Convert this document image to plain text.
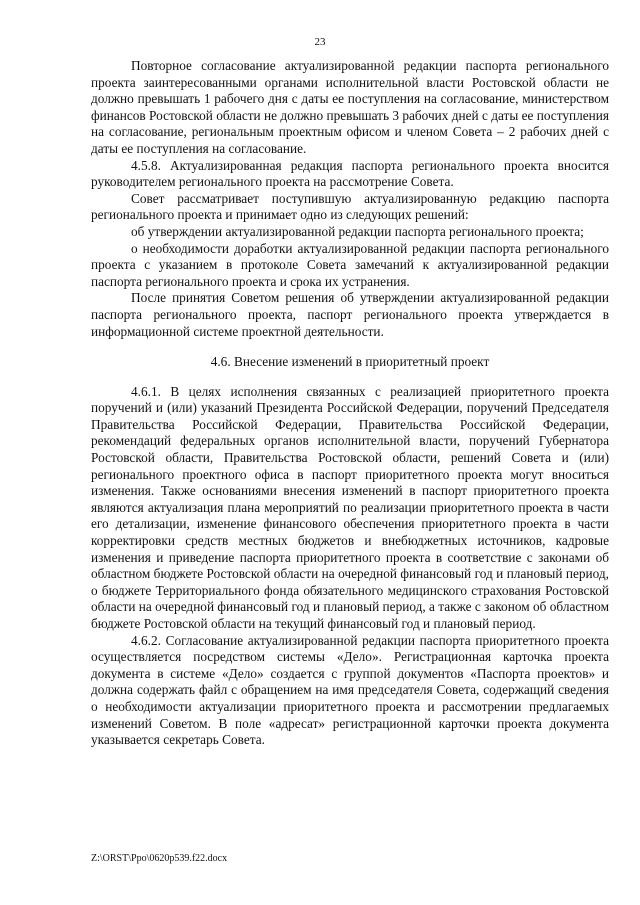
23

Повторное согласование актуализированной редакции паспорта регионального проекта заинтересованными органами исполнительной власти Ростовской области не должно превышать 1 рабочего дня с даты ее поступления на согласование, министерством финансов Ростовской области не должно превышать 3 рабочих дней с даты ее поступления на согласование, региональным проектным офисом и членом Совета – 2 рабочих дней с даты ее поступления на согласование.

4.5.8. Актуализированная редакция паспорта регионального проекта вносится руководителем регионального проекта на рассмотрение Совета.

Совет рассматривает поступившую актуализированную редакцию паспорта регионального проекта и принимает одно из следующих решений:

об утверждении актуализированной редакции паспорта регионального проекта;

о необходимости доработки актуализированной редакции паспорта регионального проекта с указанием в протоколе Совета замечаний к актуализированной редакции паспорта регионального проекта и срока их устранения.

После принятия Советом решения об утверждении актуализированной редакции паспорта регионального проекта, паспорт регионального проекта утверждается в информационной системе проектной деятельности.

4.6. Внесение изменений в приоритетный проект

4.6.1. В целях исполнения связанных с реализацией приоритетного проекта поручений и (или) указаний Президента Российской Федерации, поручений Председателя Правительства Российской Федерации, Правительства Российской Федерации, рекомендаций федеральных органов исполнительной власти, поручений Губернатора Ростовской области, Правительства Ростовской области, решений Совета и (или) регионального проектного офиса в паспорт приоритетного проекта могут вноситься изменения. Также основаниями внесения изменений в паспорт приоритетного проекта являются актуализация плана мероприятий по реализации приоритетного проекта в части его детализации, изменение финансового обеспечения приоритетного проекта в части корректировки средств местных бюджетов и внебюджетных источников, кадровые изменения и приведение паспорта приоритетного проекта в соответствие с законами об областном бюджете Ростовской области на очередной финансовый год и плановый период, о бюджете Территориального фонда обязательного медицинского страхования Ростовской области на очередной финансовый год и плановый период, а также с законом об областном бюджете Ростовской области на текущий финансовый год и плановый период.

4.6.2. Согласование актуализированной редакции паспорта приоритетного проекта осуществляется посредством системы «Дело». Регистрационная карточка проекта документа в системе «Дело» создается с группой документов «Паспорта проектов» и должна содержать файл с обращением на имя председателя Совета, содержащий сведения о необходимости актуализации приоритетного проекта и рассмотрении предлагаемых изменений Советом. В поле «адресат» регистрационной карточки проекта документа указывается секретарь Совета.

Z:\ORST\Ppo\0620p539.f22.docx
